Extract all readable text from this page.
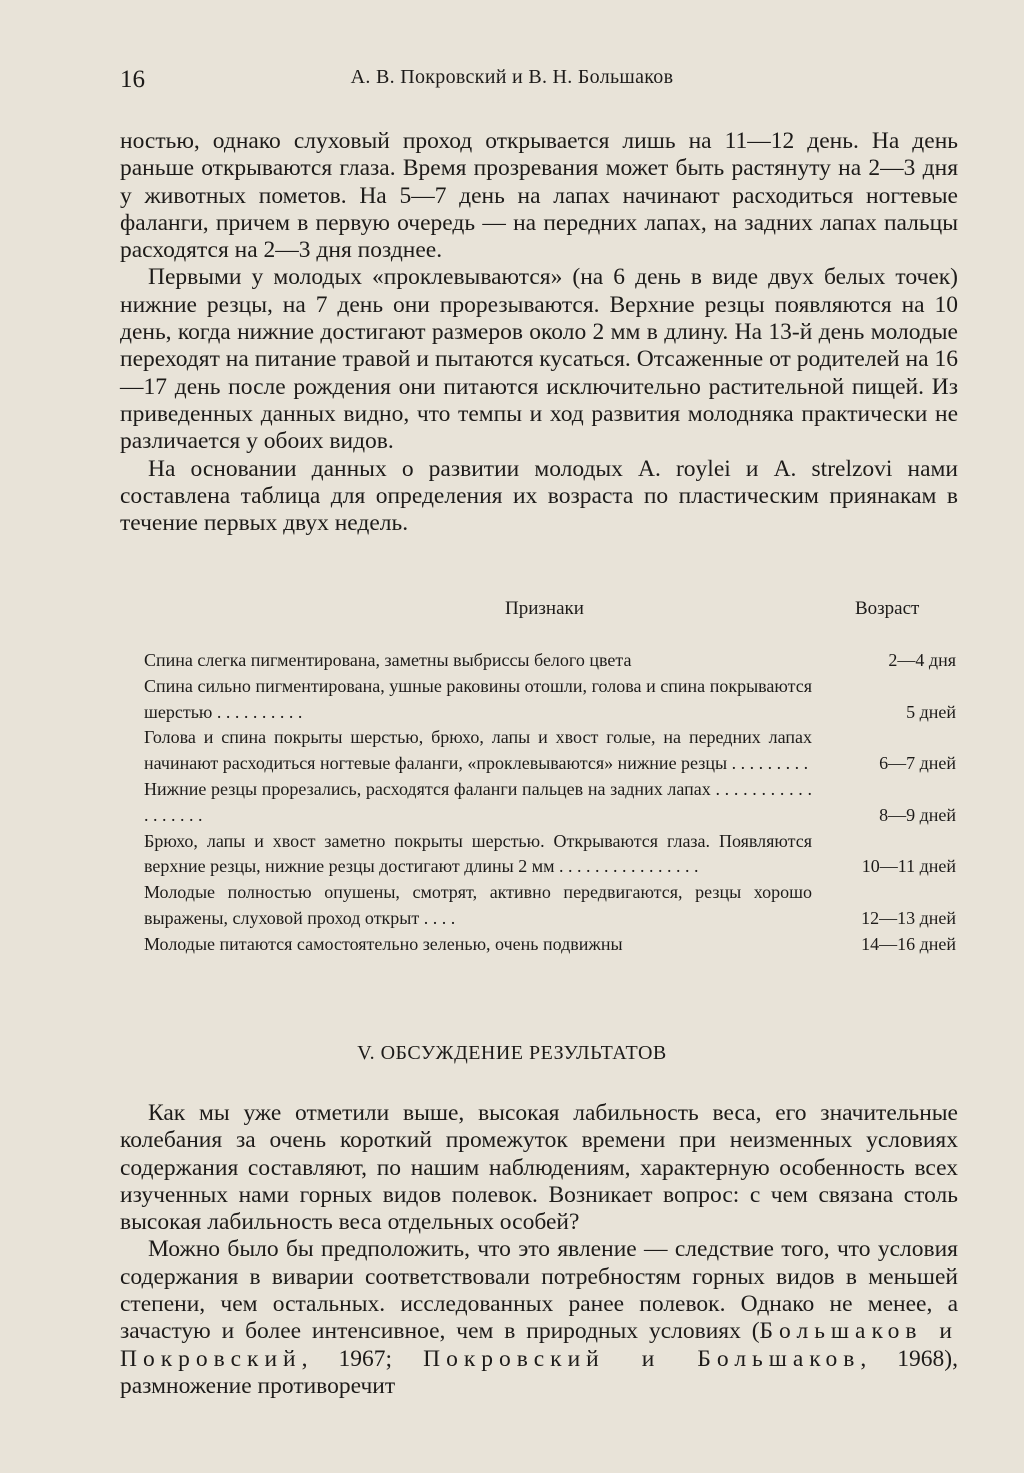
16	А. В. Покровский и В. Н. Большаков

ностью, однако слуховый проход открывается лишь на 11—12 день. На день раньше открываются глаза. Время прозревания может быть растянуту на 2—3 дня у животных пометов. На 5—7 день на лапах начинают расходиться ногтевые фаланги, причем в первую очередь — на передних лапах, на задних лапах пальцы расходятся на 2—3 дня позднее.

Первыми у молодых «проклевываются» (на 6 день в виде двух белых точек) нижние резцы, на 7 день они прорезываются. Верхние резцы появляются на 10 день, когда нижние достигают размеров около 2 мм в длину. На 13-й день молодые переходят на питание травой и пытаются кусаться. Отсаженные от родителей на 16—17 день после рождения они питаются исключительно растительной пищей. Из приведенных данных видно, что темпы и ход развития молодняка практически не различается у обоих видов.

На основании данных о развитии молодых A. roylei и A. strelzovi нами составлена таблица для определения их возраста по пластическим приянакам в течение первых двух недель.

Признаки	Возраст
Спина слегка пигментирована, заметны выбриссы белого цвета	2—4 дня
Спина сильно пигментирована, ушные раковины отошли, голова и спина покрываются шерстью . . . . . . . . . .	5 дней
Голова и спина покрыты шерстью, брюхо, лапы и хвост голые, на передних лапах начинают расходиться ногтевые фаланги, «проклевываются» нижние резцы . . . . . . . . .	6—7 дней
Нижние резцы прорезались, расходятся фаланги пальцев на задних лапах . . . . . . . . . . . . . . . . . .	8—9 дней
Брюхо, лапы и хвост заметно покрыты шерстью. Открываются глаза. Появляются верхние резцы, нижние резцы достигают длины 2 мм . . . . . . . . . . . . . . . .	10—11 дней
Молодые полностью опушены, смотрят, активно передвигаются, резцы хорошо выражены, слуховой проход открыт . . . .	12—13 дней
Молодые питаются самостоятельно зеленью, очень подвижны	14—16 дней
V. ОБСУЖДЕНИЕ РЕЗУЛЬТАТОВ

Как мы уже отметили выше, высокая лабильность веса, его значительные колебания за очень короткий промежуток времени при неизменных условиях содержания составляют, по нашим наблюдениям, характерную особенность всех изученных нами горных видов полевок. Возникает вопрос: с чем связана столь высокая лабильность веса отдельных особей?

Можно было бы предположить, что это явление — следствие того, что условия содержания в виварии соответствовали потребностям горных видов в меньшей степени, чем остальных. исследованных ранее полевок. Однако не менее, а зачастую и более интенсивное, чем в природных условиях (Большаков и Покровский, 1967; Покровский и Большаков, 1968), размножение противоречит
